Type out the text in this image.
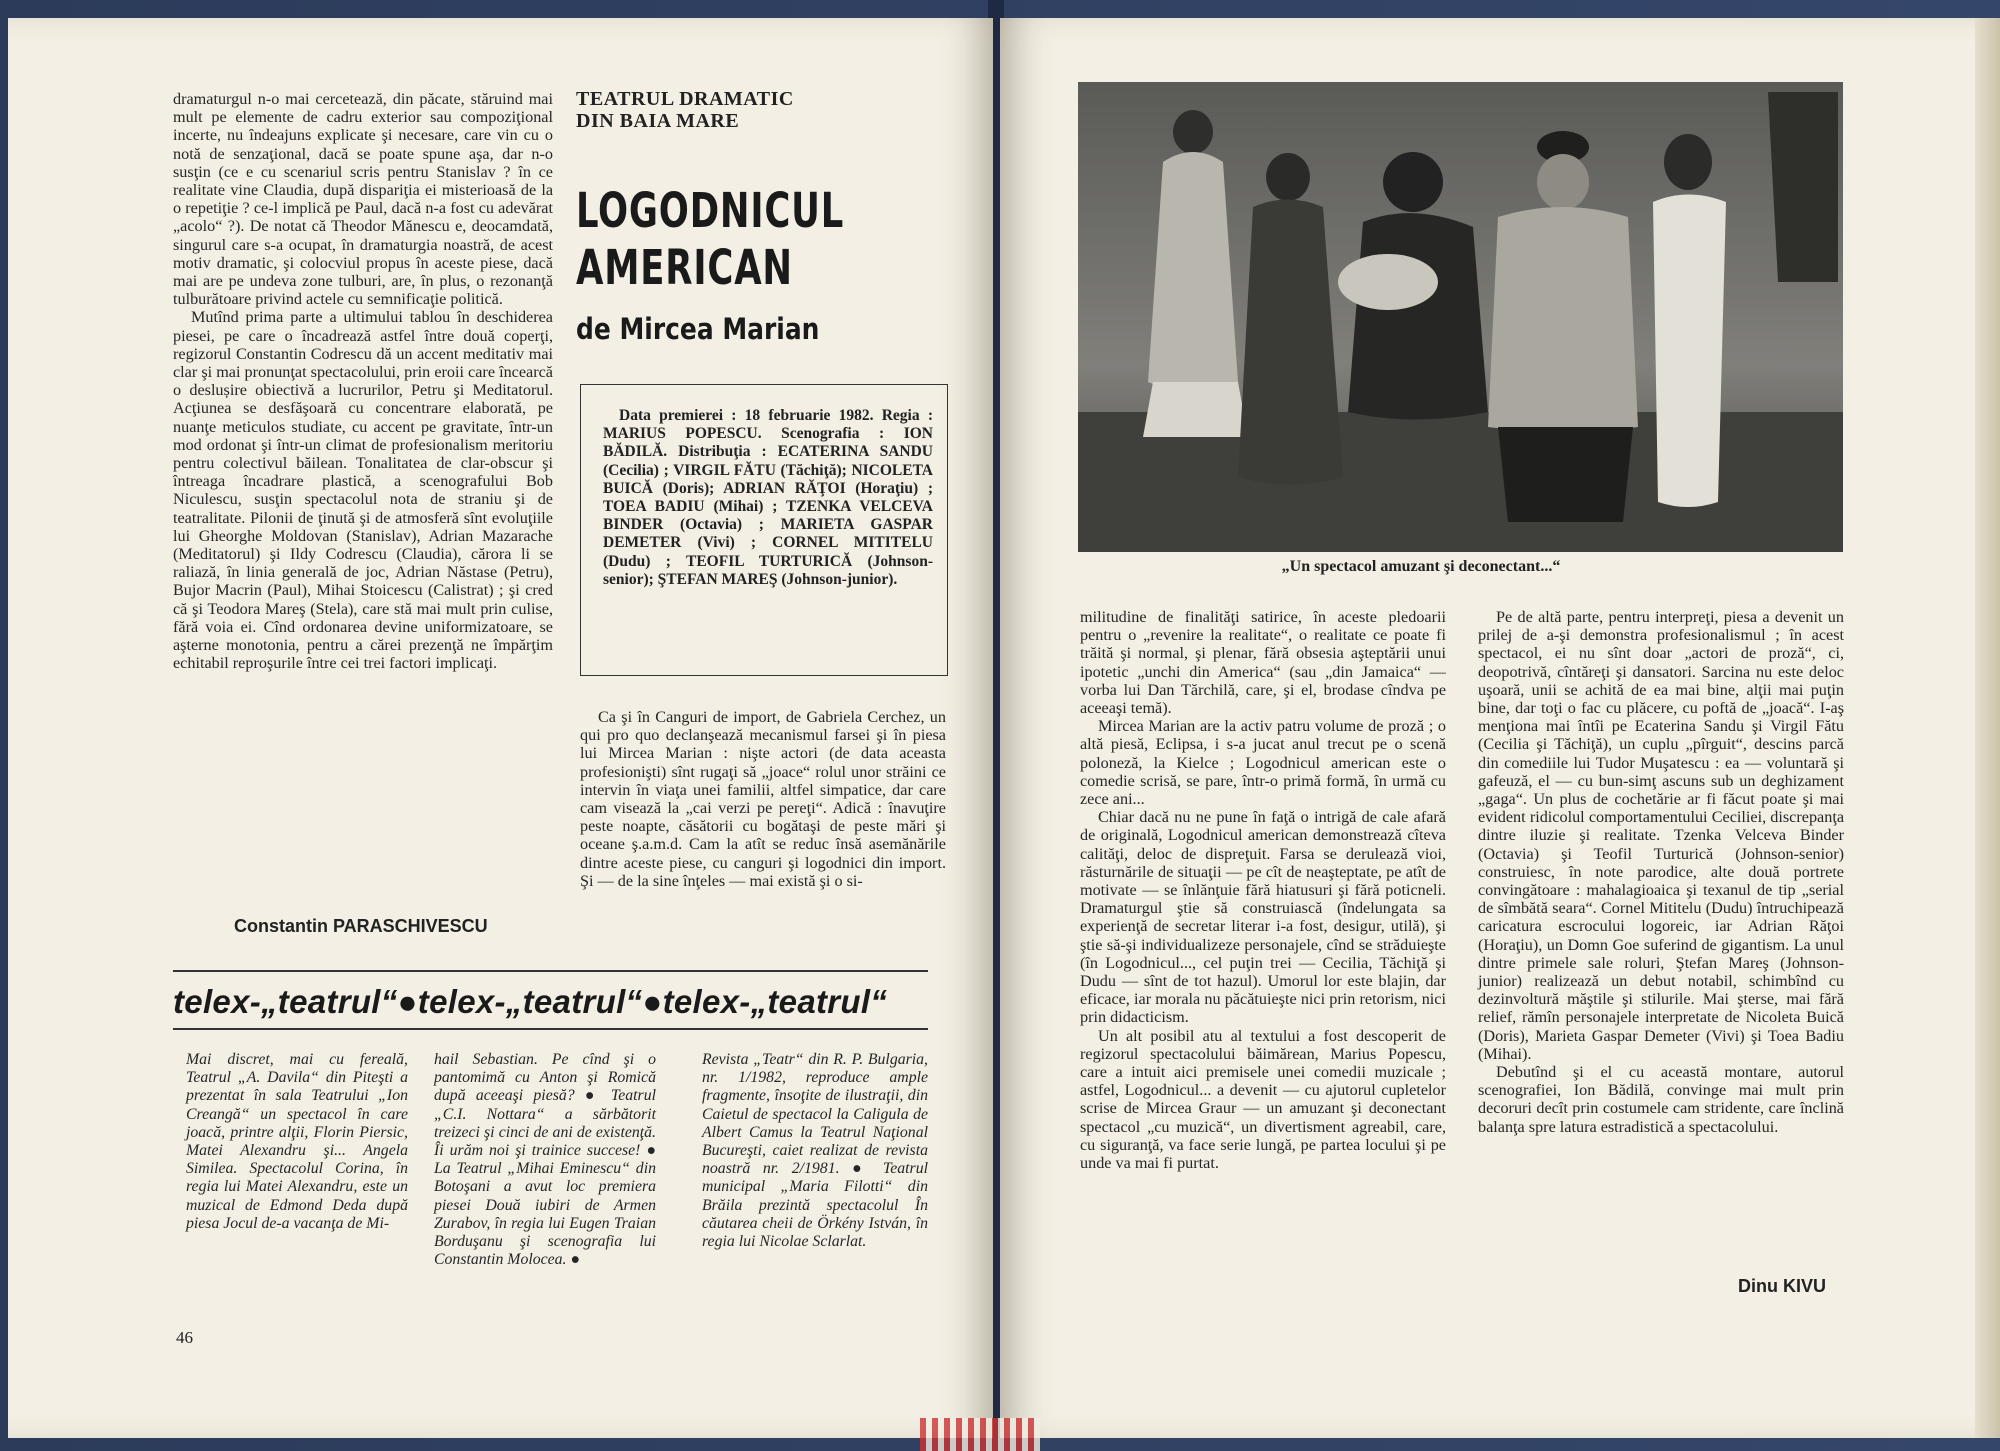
dramaturgul n-o mai cercetează, din păcate, stăruind mai mult pe elemente de cadru exterior sau compoziţional incerte, nu îndeajuns explicate şi necesare, care vin cu o notă de senzaţional, dacă se poate spune aşa, dar n-o susţin (ce e cu scenariul scris pentru Stanislav ? în ce realitate vine Claudia, după dispariţia ei misterioasă de la o repetiţie ? ce-l implică pe Paul, dacă n-a fost cu adevărat „acolo“ ?). De notat că Theodor Mănescu e, deocamdată, singurul care s-a ocupat, în dramaturgia noastră, de acest motiv dramatic, şi colocviul propus în aceste piese, dacă mai are pe undeva zone tulburi, are, în plus, o rezonanţă tulburătoare privind actele cu semnificaţie politică.

Mutînd prima parte a ultimului tablou în deschiderea piesei, pe care o încadrează astfel între două coperţi, regizorul Constantin Codrescu dă un accent meditativ mai clar şi mai pronunţat spectacolului, prin eroii care încearcă o deslușire obiectivă a lucrurilor, Petru şi Meditatorul. Acţiunea se desfăşoară cu concentrare elaborată, pe nuanţe meticulos studiate, cu accent pe gravitate, într-un mod ordonat şi într-un climat de profesionalism meritoriu pentru colectivul băilean. Tonalitatea de clar-obscur şi întreaga încadrare plastică, a scenografului Bob Niculescu, susţin spectacolul nota de straniu şi de teatralitate. Pilonii de ţinută şi de atmosferă sînt evoluţiile lui Gheorghe Moldovan (Stanislav), Adrian Mazarache (Meditatorul) şi Ildy Codrescu (Claudia), cărora li se raliază, în linia generală de joc, Adrian Năstase (Petru), Bujor Macrin (Paul), Mihai Stoicescu (Calistrat) ; şi cred că şi Teodora Mareş (Stela), care stă mai mult prin culise, fără voia ei. Cînd ordonarea devine uniformizatoare, se aşterne monotonia, pentru a cărei prezenţă ne împărţim echitabil reproşurile între cei trei factori implicaţi.

Constantin PARASCHIVESCU
TEATRUL DRAMATIC DIN BAIA MARE
LOGODNICUL
AMERICAN
de Mircea Marian

Data premierei : 18 februarie 1982. Regia : MARIUS POPESCU. Scenografia : ION BĂDILĂ. Distribuţia : ECATERINA SANDU (Cecilia) ; VIRGIL FĂTU (Tăchiţă); NICOLETA BUICĂ (Doris); ADRIAN RĂŢOI (Horaţiu) ; TOEA BADIU (Mihai) ; TZENKA VELCEVA BINDER (Octavia) ; MARIETA GASPAR DEMETER (Vivi) ; CORNEL MITITELU (Dudu) ; TEOFIL TURTURICĂ (Johnson-senior); ŞTEFAN MAREŞ (Johnson-junior).

Ca şi în Canguri de import, de Gabriela Cerchez, un qui pro quo declanşează mecanismul farsei şi în piesa lui Mircea Marian : nişte actori (de data aceasta profesionişti) sînt rugaţi să „joace“ rolul unor străini ce intervin în viaţa unei familii, altfel simpatice, dar care cam visează la „cai verzi pe pereţi“. Adică : înavuţire peste noapte, căsătorii cu bogătaşi de peste mări şi oceane ş.a.m.d. Cam la atît se reduc însă asemănările dintre aceste piese, cu canguri şi logodnici din import. Şi — de la sine înţeles — mai există şi o si-

telex-„teatrul“●telex-„teatrul“●telex-„teatrul“

Mai discret, mai cu fereală, Teatrul „A. Davila“ din Piteşti a prezentat în sala Teatrului „Ion Creangă“ un spectacol în care joacă, printre alţii, Florin Piersic, Matei Alexandru şi... Angela Similea. Spectacolul Corina, în regia lui Matei Alexandru, este un muzical de Edmond Deda după piesa Jocul de-a vacanţa de Mi-

hail Sebastian. Pe cînd şi o pantomimă cu Anton şi Romică după aceeaşi piesă? ● Teatrul „C.I. Nottara“ a sărbătorit treizeci şi cinci de ani de existenţă. Îi urăm noi şi trainice succese! ● La Teatrul „Mihai Eminescu“ din Botoşani a avut loc premiera piesei Două iubiri de Armen Zurabov, în regia lui Eugen Traian Borduşanu şi scenografia lui Constantin Molocea. ●

Revista „Teatr“ din R. P. Bulgaria, nr. 1/1982, reproduce ample fragmente, însoţite de ilustraţii, din Caietul de spectacol la Caligula de Albert Camus la Teatrul Naţional Bucureşti, caiet realizat de revista noastră nr. 2/1981. ● Teatrul municipal „Maria Filotti“ din Brăila prezintă spectacolul În căutarea cheii de Örkény István, în regia lui Nicolae Sclarlat.

46
„Un spectacol amuzant şi deconectant...“

militudine de finalităţi satirice, în aceste pledoarii pentru o „revenire la realitate“, o realitate ce poate fi trăită şi normal, şi plenar, fără obsesia aşteptării unui ipotetic „unchi din America“ (sau „din Jamaica“ — vorba lui Dan Tărchilă, care, şi el, brodase cîndva pe aceeaşi temă).

Mircea Marian are la activ patru volume de proză ; o altă piesă, Eclipsa, i s-a jucat anul trecut pe o scenă poloneză, la Kielce ; Logodnicul american este o comedie scrisă, se pare, într-o primă formă, în urmă cu zece ani...

Chiar dacă nu ne pune în faţă o intrigă de cale afară de originală, Logodnicul american demonstrează cîteva calităţi, deloc de dispreţuit. Farsa se derulează vioi, răsturnările de situaţii — pe cît de neaşteptate, pe atît de motivate — se înlănţuie fără hiatusuri şi fără poticneli. Dramaturgul ştie să construiască (îndelungata sa experienţă de secretar literar i-a fost, desigur, utilă), şi ştie să-şi individualizeze personajele, cînd se străduieşte (în Logodnicul..., cel puţin trei — Cecilia, Tăchiţă şi Dudu — sînt de tot hazul). Umorul lor este blajin, dar eficace, iar morala nu păcătuieşte nici prin retorism, nici prin didacticism.

Un alt posibil atu al textului a fost descoperit de regizorul spectacolului băimărean, Marius Popescu, care a intuit aici premisele unei comedii muzicale ; astfel, Logodnicul... a devenit — cu ajutorul cupletelor scrise de Mircea Graur — un amuzant şi deconectant spectacol „cu muzică“, un divertisment agreabil, care, cu siguranţă, va face serie lungă, pe partea locului şi pe unde va mai fi purtat.

Pe de altă parte, pentru interpreţi, piesa a devenit un prilej de a-şi demonstra profesionalismul ; în acest spectacol, ei nu sînt doar „actori de proză“, ci, deopotrivă, cîntăreţi şi dansatori. Sarcina nu este deloc uşoară, unii se achită de ea mai bine, alţii mai puţin bine, dar toţi o fac cu plăcere, cu poftă de „joacă“. I-aş menţiona mai întîi pe Ecaterina Sandu şi Virgil Fătu (Cecilia şi Tăchiţă), un cuplu „pîrguit“, descins parcă din comediile lui Tudor Muşatescu : ea — voluntară şi gafeuză, el — cu bun-simţ ascuns sub un deghizament „gaga“. Un plus de cochetărie ar fi făcut poate şi mai evident ridicolul comportamentului Ceciliei, discrepanţa dintre iluzie şi realitate. Tzenka Velceva Binder (Octavia) şi Teofil Turturică (Johnson-senior) construiesc, în note parodice, alte două portrete convingătoare : mahalagioaica şi texanul de tip „serial de sîmbătă seara“. Cornel Mititelu (Dudu) întruchipează caricatura escrocului logoreic, iar Adrian Răţoi (Horaţiu), un Domn Goe suferind de gigantism. La unul dintre primele sale roluri, Ştefan Mareş (Johnson-junior) realizează un debut notabil, schimbînd cu dezinvoltură măştile şi stilurile. Mai şterse, mai fără relief, rămîn personajele interpretate de Nicoleta Buică (Doris), Marieta Gaspar Demeter (Vivi) şi Toea Badiu (Mihai).

Debutînd şi el cu această montare, autorul scenografiei, Ion Bădilă, convinge mai mult prin decoruri decît prin costumele cam stridente, care înclină balanţa spre latura estradistică a spectacolului.

Dinu KIVU
